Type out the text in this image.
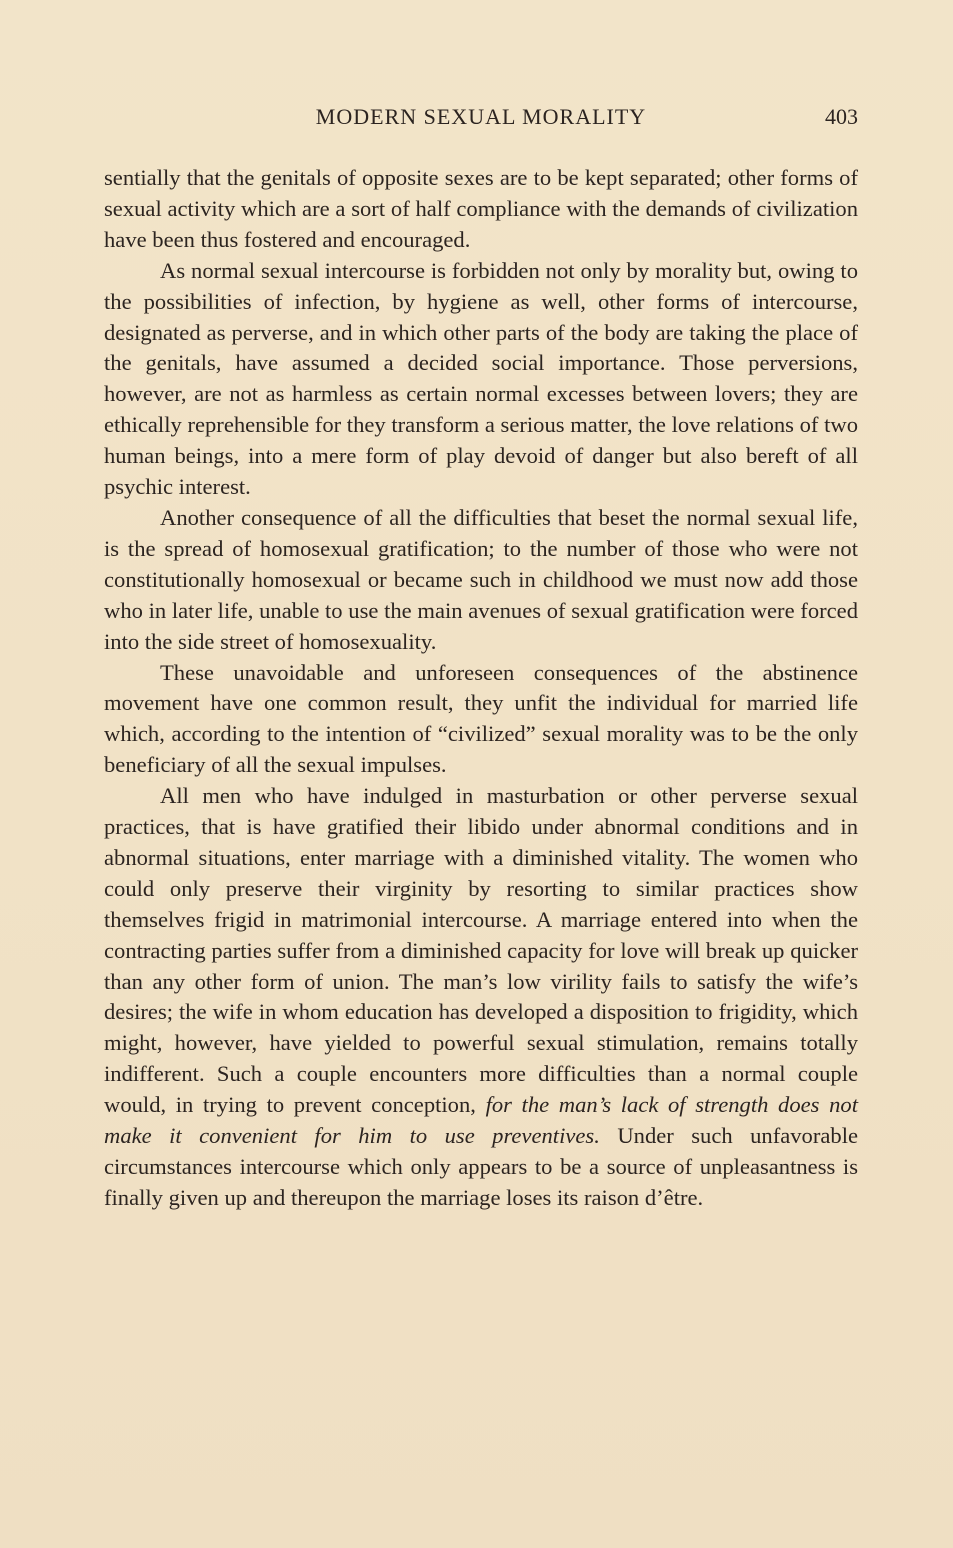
MODERN SEXUAL MORALITY	403

sentially that the genitals of opposite sexes are to be kept separated; other forms of sexual activity which are a sort of half compliance with the demands of civilization have been thus fostered and encouraged.

As normal sexual intercourse is forbidden not only by morality but, owing to the possibilities of infection, by hygiene as well, other forms of intercourse, designated as perverse, and in which other parts of the body are taking the place of the genitals, have assumed a decided social importance. Those perversions, however, are not as harmless as certain normal excesses between lovers; they are ethically reprehensible for they transform a serious matter, the love relations of two human beings, into a mere form of play devoid of danger but also bereft of all psychic interest.

Another consequence of all the difficulties that beset the normal sexual life, is the spread of homosexual gratification; to the number of those who were not constitutionally homosexual or became such in childhood we must now add those who in later life, unable to use the main avenues of sexual gratification were forced into the side street of homosexuality.

These unavoidable and unforeseen consequences of the abstinence movement have one common result, they unfit the individual for married life which, according to the intention of “civilized” sexual morality was to be the only beneficiary of all the sexual impulses.

All men who have indulged in masturbation or other perverse sexual practices, that is have gratified their libido under abnormal conditions and in abnormal situations, enter marriage with a diminished vitality. The women who could only preserve their virginity by resorting to similar practices show themselves frigid in matrimonial intercourse. A marriage entered into when the contracting parties suffer from a diminished capacity for love will break up quicker than any other form of union. The man’s low virility fails to satisfy the wife’s desires; the wife in whom education has developed a disposition to frigidity, which might, however, have yielded to powerful sexual stimulation, remains totally indifferent. Such a couple encounters more difficulties than a normal couple would, in trying to prevent conception, for the man’s lack of strength does not make it convenient for him to use preventives. Under such unfavorable circumstances intercourse which only appears to be a source of unpleasantness is finally given up and thereupon the marriage loses its raison d’être.
